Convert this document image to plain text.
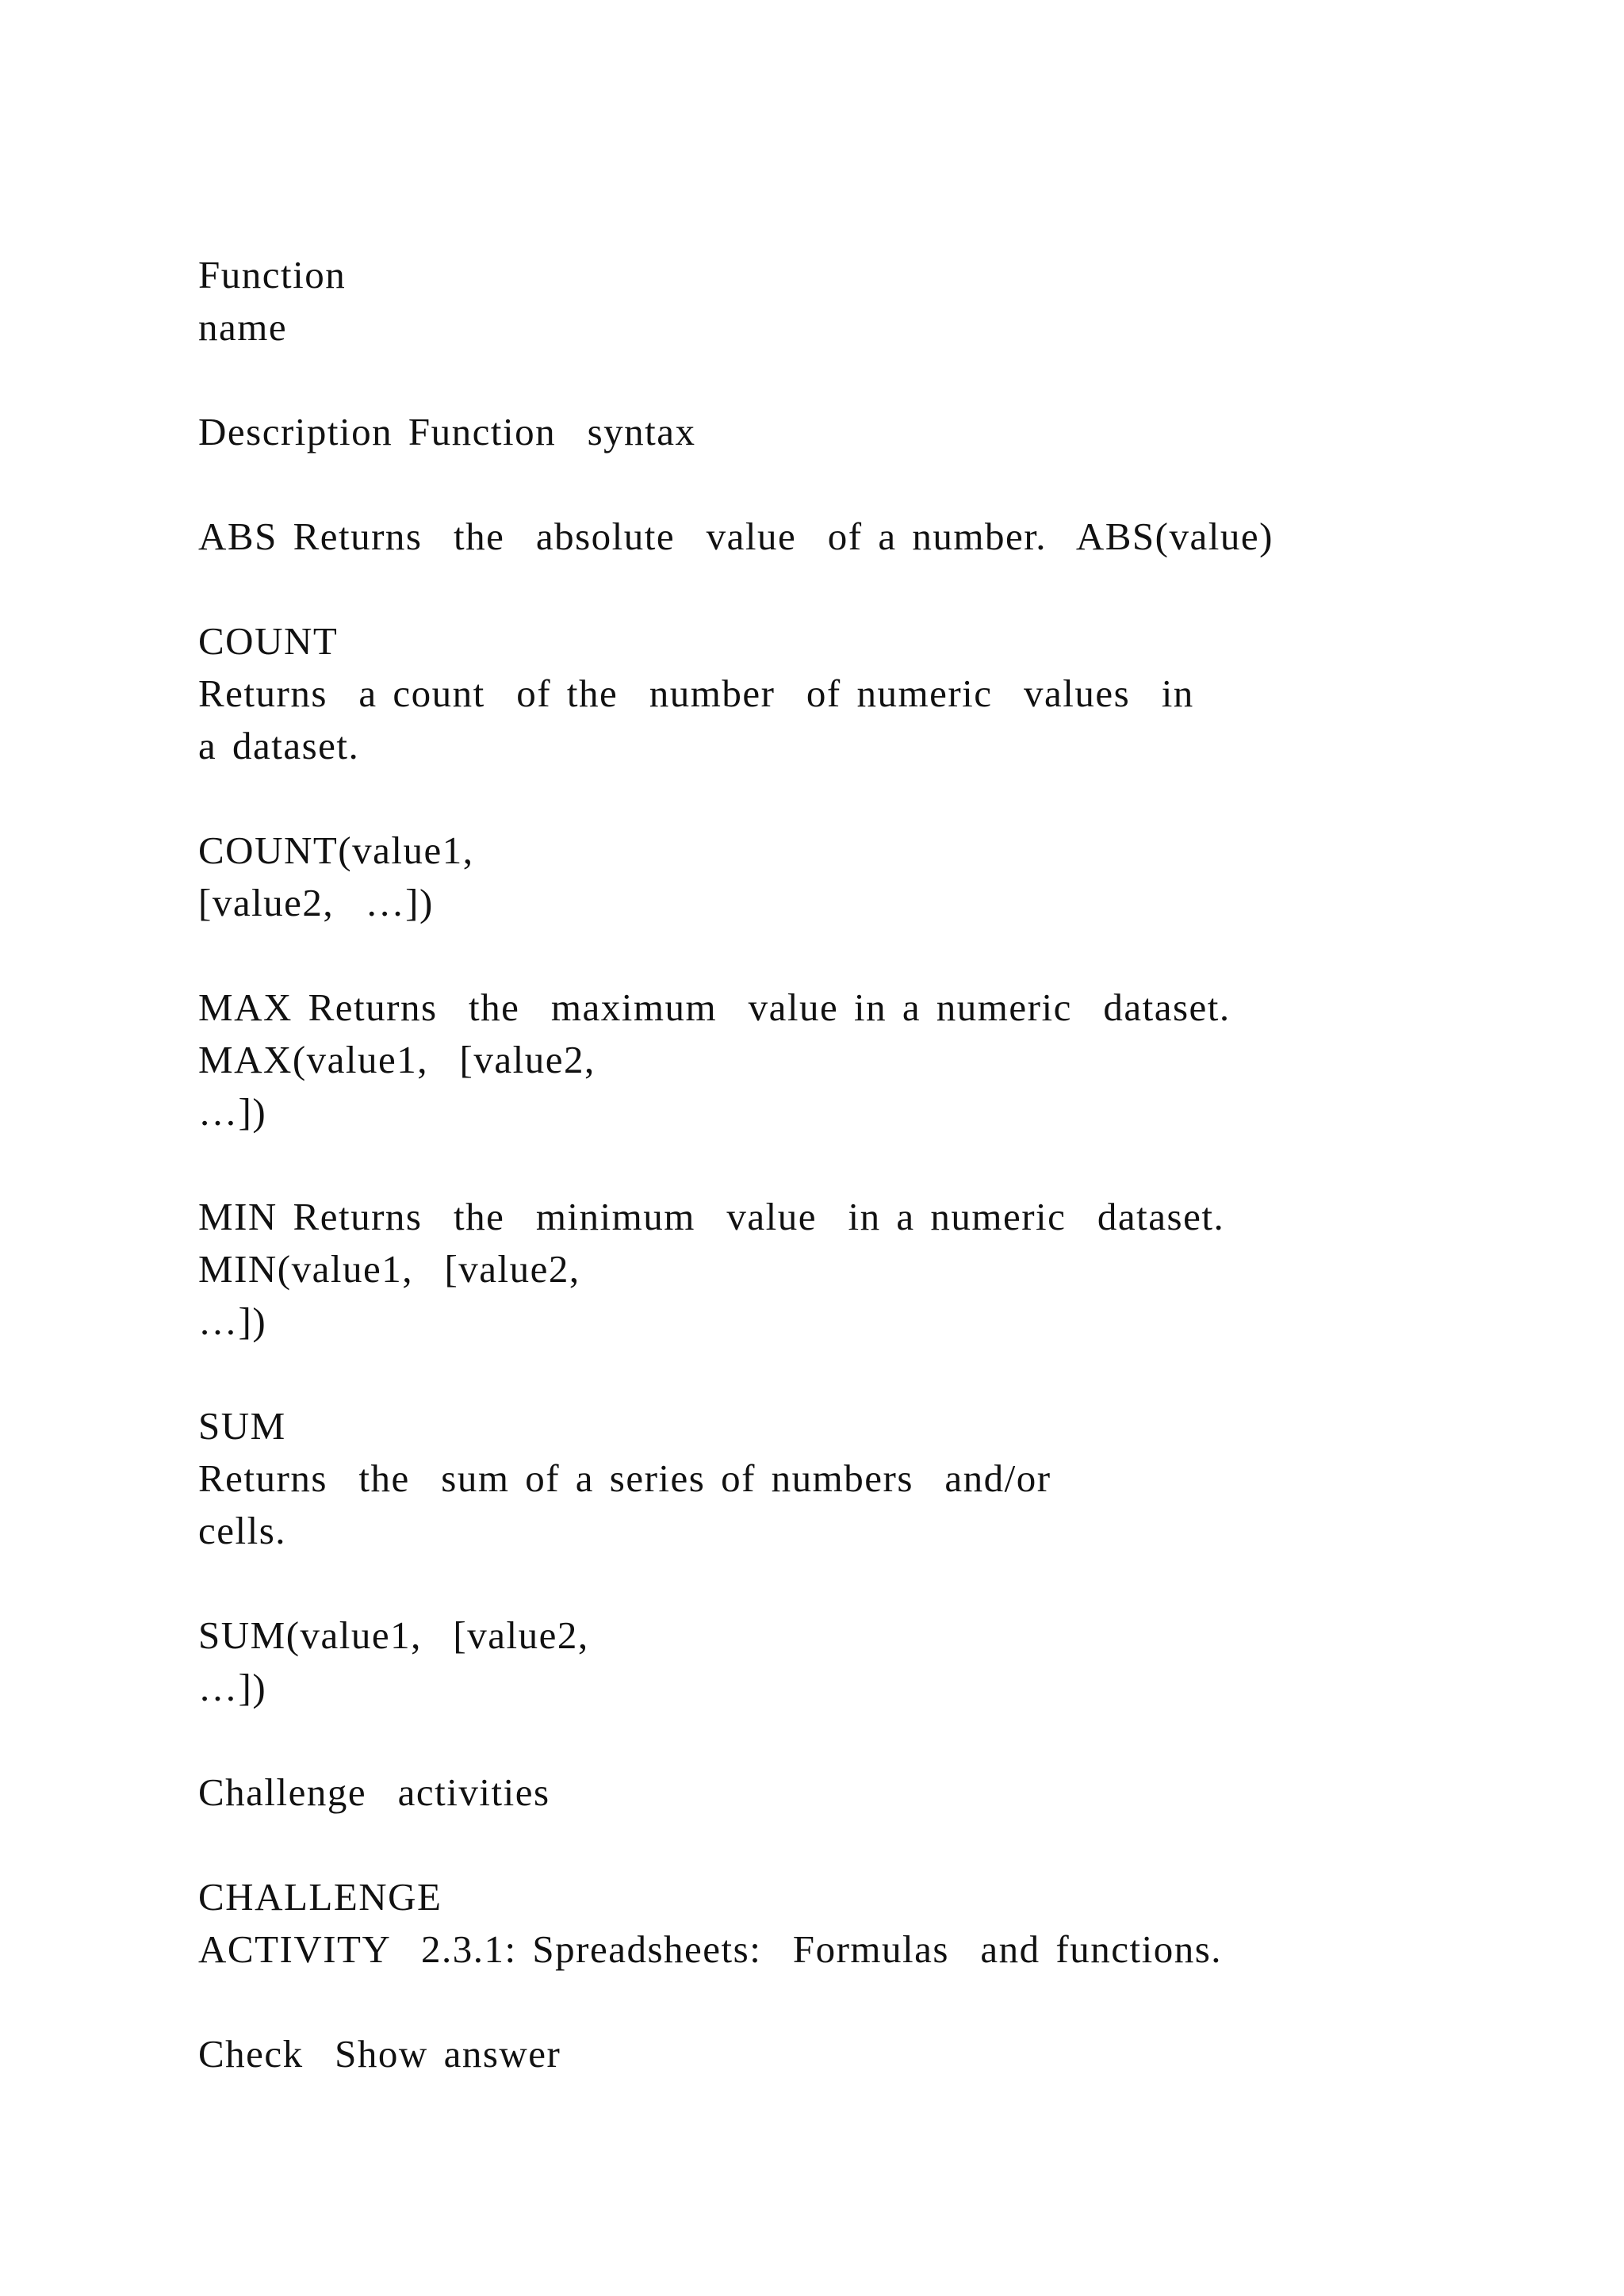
Function

name

Description Function  syntax

ABS Returns  the  absolute  value  of a number.  ABS(value)

COUNT

Returns  a count  of the  number  of numeric  values  in

a dataset.

COUNT(value1,

[value2,  …])

MAX Returns  the  maximum  value in a numeric  dataset.

MAX(value1,  [value2,

…])

MIN Returns  the  minimum  value  in a numeric  dataset.

MIN(value1,  [value2,

…])

SUM

Returns  the  sum of a series of numbers  and/or

cells.

SUM(value1,  [value2,

…])

Challenge  activities

CHALLENGE

ACTIVITY  2.3.1: Spreadsheets:  Formulas  and functions.

Check  Show answer
